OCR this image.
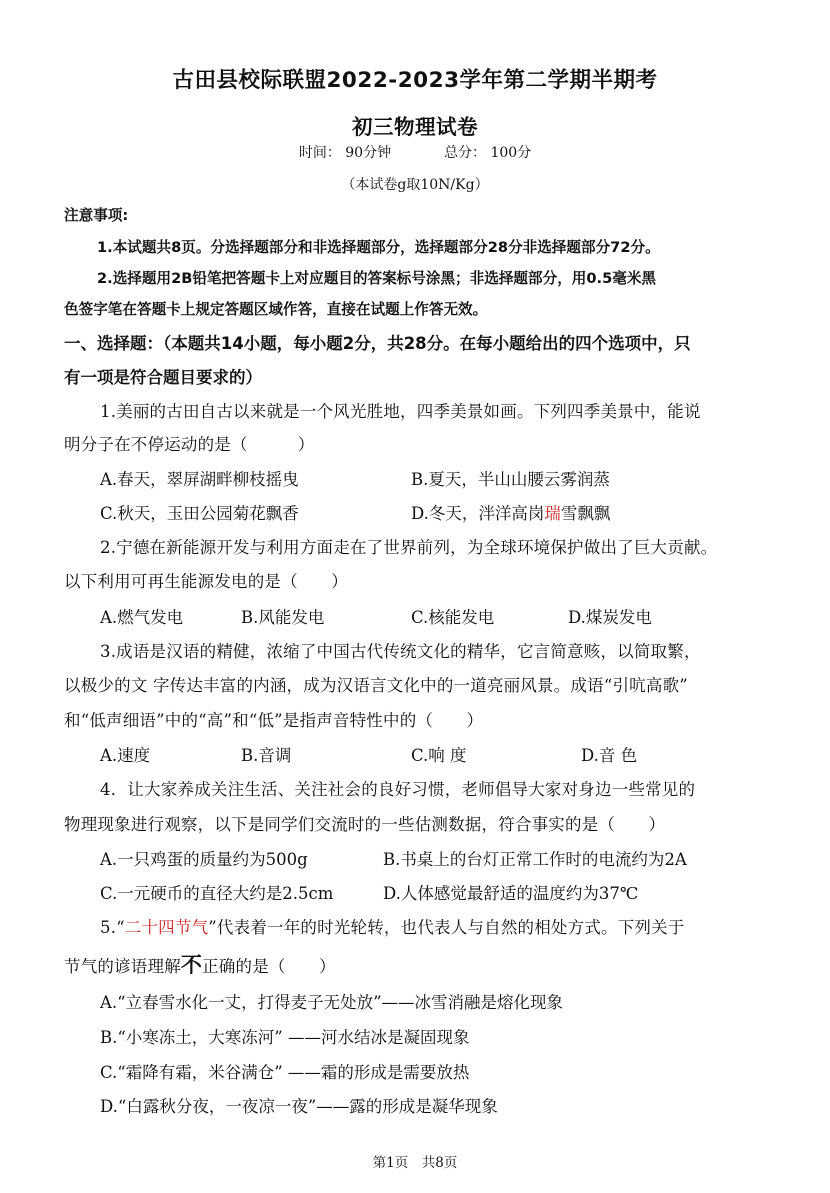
古田县校际联盟2022-2023学年第二学期半期考
初三物理试卷
时间： 90分钟	总分： 100分
（本试卷g取10N/Kg）
注意事项:
1.本试题共8页。分选择题部分和非选择题部分，选择题部分28分非选择题部分72分。
2.选择题用2B铅笔把答题卡上对应题目的答案标号涂黑；非选择题部分，用0.5毫米黑
色签字笔在答题卡上规定答题区域作答，直接在试题上作答无效。
一、选择题：（本题共14小题，每小题2分，共28分。在每小题给出的四个选项中，只
有一项是符合题目要求的）
1.美丽的古田自古以来就是一个风光胜地，四季美景如画。下列四季美景中，能说
明分子在不停运动的是（　　　）
A.春天，翠屏湖畔柳枝摇曳	B.夏天，半山山腰云雾润蒸
C.秋天，玉田公园菊花飘香	D.冬天，泮洋高岗瑞雪飘飘
2.宁德在新能源开发与利用方面走在了世界前列，为全球环境保护做出了巨大贡献。
以下利用可再生能源发电的是（　　）
A.燃气发电	B.风能发电	C.核能发电	D.煤炭发电
3.成语是汉语的精健，浓缩了中国古代传统文化的精华，它言简意赅，以简取繁，
以极少的文 字传达丰富的内涵，成为汉语言文化中的一道亮丽风景。成语“引吭高歌”
和“低声细语”中的“高”和“低”是指声音特性中的（　　）
A.速度	B.音调	C.响 度	D.音 色
4．让大家养成关注生活、关注社会的良好习惯，老师倡导大家对身边一些常见的
物理现象进行观察，以下是同学们交流时的一些估测数据，符合事实的是（　　）
A.一只鸡蛋的质量约为500g	B.书桌上的台灯正常工作时的电流约为2A
C.一元硬币的直径大约是2.5cm	D.人体感觉最舒适的温度约为37℃
5.“二十四节气”代表着一年的时光轮转，也代表人与自然的相处方式。下列关于
节气的谚语理解不正确的是（　　）
A.“立春雪水化一丈，打得麦子无处放”——冰雪消融是熔化现象
B.“小寒冻土，大寒冻河” ——河水结冰是凝固现象
C.“霜降有霜，米谷满仓” ——霜的形成是需要放热
D.“白露秋分夜，一夜凉一夜”——露的形成是凝华现象
第1页　共8页
